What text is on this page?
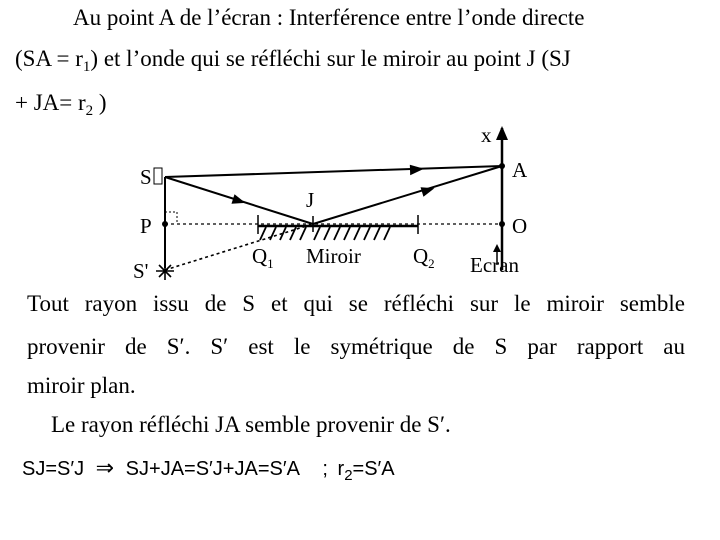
Au point A de l’écran : Interférence entre l’onde directe
$(SA = r_1)$ et l’onde qui se réfléchi sur le miroir au point J (SJ
+ $JA= r_2$ )
x
A
S
J
O
P
S'
$Q_1$ Miroir $Q_2$ Ecran
Tout rayon issu de S et qui se réfléchi sur le miroir semble
provenir de S′. S′ est le symétrique de S par rapport au
miroir plan.
Le rayon réfléchi JA semble provenir de S′.
SJ=S′J ⇒ SJ+JA=S′J+JA=S′A ; $r_2=S'A$
